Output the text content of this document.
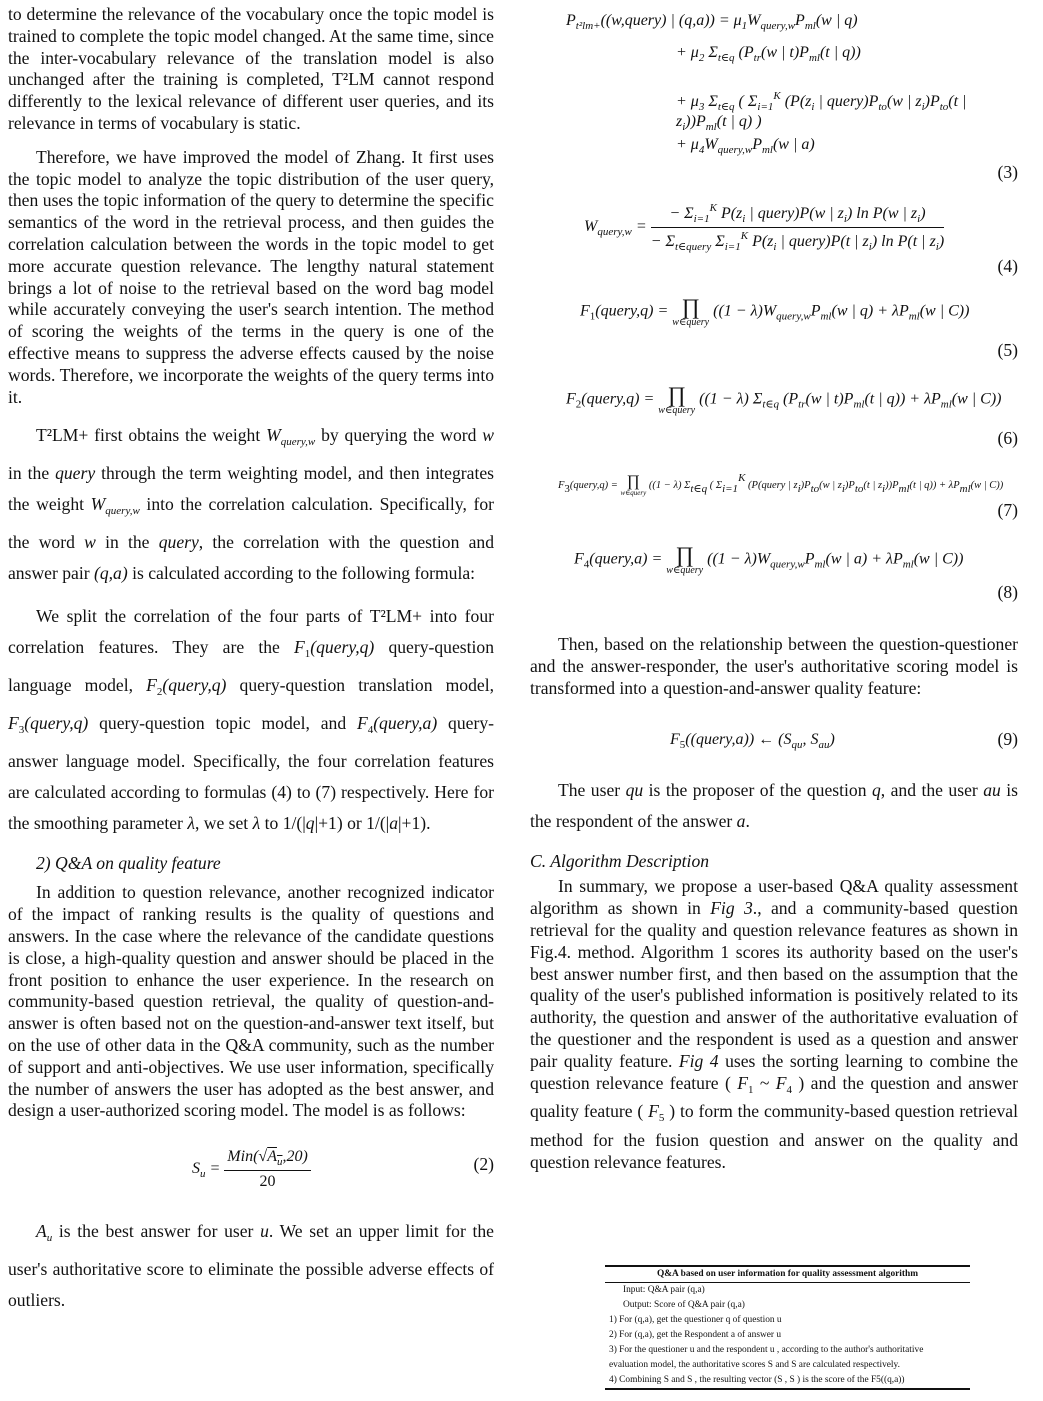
to determine the relevance of the vocabulary once the topic model is trained to complete the topic model changed. At the same time, since the inter-vocabulary relevance of the translation model is also unchanged after the training is completed, T²LM cannot respond differently to the lexical relevance of different user queries, and its relevance in terms of vocabulary is static.

Therefore, we have improved the model of Zhang. It first uses the topic model to analyze the topic distribution of the user query, then uses the topic information of the query to determine the specific semantics of the word in the retrieval process, and then guides the correlation calculation between the words in the topic model to get more accurate question relevance. The lengthy natural statement brings a lot of noise to the retrieval based on the word bag model while accurately conveying the user's search intention. The method of scoring the weights of the terms in the query is one of the effective means to suppress the adverse effects caused by the noise words. Therefore, we incorporate the weights of the query terms into it.

T²LM+ first obtains the weight $W_{query,w}$ by querying the word w in the query through the term weighting model, and then integrates the weight $W_{query,w}$ into the correlation calculation. Specifically, for the word w in the query, the correlation with the question and answer pair (q,a) is calculated according to the following formula:

We split the correlation of the four parts of T²LM+ into four correlation features. They are the $F_1(query,q)$ query-question language model, $F_2(query,q)$ query-question translation model, $F_3(query,q)$ query-question topic model, and $F_4(query,a)$ query-answer language model. Specifically, the four correlation features are calculated according to formulas (4) to (7) respectively. Here for the smoothing parameter λ, we set λ to 1/(|q|+1) or 1/(|a|+1).

2) Q&A on quality feature

In addition to question relevance, another recognized indicator of the impact of ranking results is the quality of questions and answers. In the case where the relevance of the candidate questions is close, a high-quality question and answer should be placed in the front position to enhance the user experience. In the research on community-based question retrieval, the quality of question-and-answer is often based not on the question-and-answer text itself, but on the use of other data in the Q&A community, such as the number of support and anti-objectives. We use user information, specifically the number of answers the user has adopted as the best answer, and design a user-authorized scoring model. The model is as follows:

$S_u = \frac{Min(√A_u,20)}{20}$	(2)

$A_u$ is the best answer for user u. We set an upper limit for the user's authoritative score to eliminate the possible adverse effects of outliers.

$P_{t^2lm+}((w,query)$ | $(q,a)) = \mu_1W_{query,w}P_{ml}(w$ | q)
+ $\mu_2$ $\Sigma_{t\in q}$ ($P_{tr}(w$ | $t)P_{ml}(t$ | q))
+ $\mu_3$ $\Sigma_{t\in q}$ ( $\Sigma_{i=1}^K$ ($P(z_i$ | $query)P_{to}(w$ | $z_i)P_{to}(t$ | $z_i))P_{ml}(t$ | q) )
+ $\mu_4W_{query,w}P_{ml}(w$ | a)
(3)
$W_{query,w} = \frac{- \Sigma_{i=1}^K P(z_i | query)P(w | z_i) \ln P(w | z_i)}{- \Sigma_{t\in query} \Sigma_{i=1}^K P(z_i | query)P(t | z_i) \ln P(t | z_i)}$
(4)
$F_1(query,q)$ = ∏
w∈query
($(1 - \lambda)W_{query,w}P_{ml}(w$ | $q) + \lambda P_{ml}(w$ | C))
(5)
$F_2(query,q)$ = ∏
w∈query
((1 − λ) $\Sigma_{t\in q}$ ($P_{tr}(w$ | $t)P_{ml}(t$ | $q)) + \lambda P_{ml}(w$ | C))
(6)
F3(query,q) = ∏
w∈query
((1 − λ) Σt∈q ( Σi=1K (P(query | zi)Pto(w | zi)Pto(t | zi))Pml(t | q)) + λPml(w | C))
(7)
$F_4(query,a)$ = ∏
w∈query
($(1 - \lambda)W_{query,w}P_{ml}(w$ | $a) + \lambda P_{ml}(w$ | C))
(8)

Then, based on the relationship between the question-questioner and the answer-responder, the user's authoritative scoring model is transformed into a question-and-answer quality feature:

$F_5((query,a))$ ← ($S_{qu}$, $S_{au}$)	(9)

The user qu is the proposer of the question q, and the user au is the respondent of the answer a.

C. Algorithm Description

In summary, we propose a user-based Q&A quality assessment algorithm as shown in Fig 3., and a community-based question retrieval for the quality and question relevance features as shown in Fig.4. method. Algorithm 1 scores its authority based on the user's best answer number first, and then based on the assumption that the quality of the user's published information is positively related to its authority, the question and answer of the authoritative evaluation of the questioner and the respondent is used as a question and answer pair quality feature. Fig 4 uses the sorting learning to combine the question relevance feature ( $F_1$ ~ $F_4$ ) and the question and answer quality feature ( $F_5$ ) to form the community-based question retrieval method for the fusion question and answer on the quality and question relevance features.

Q&A based on user information for quality assessment algorithm
Input: Q&A pair (q,a)
Output: Score of Q&A pair (q,a)
1) For (q,a), get the questioner q of question u
2) For (q,a), get the Respondent a of answer u
3) For the questioner u and the respondent u , according to the author's authoritative
evaluation model, the authoritative scores S and S are calculated respectively.
4) Combining S and S , the resulting vector (S , S ) is the score of the F5((q,a))
